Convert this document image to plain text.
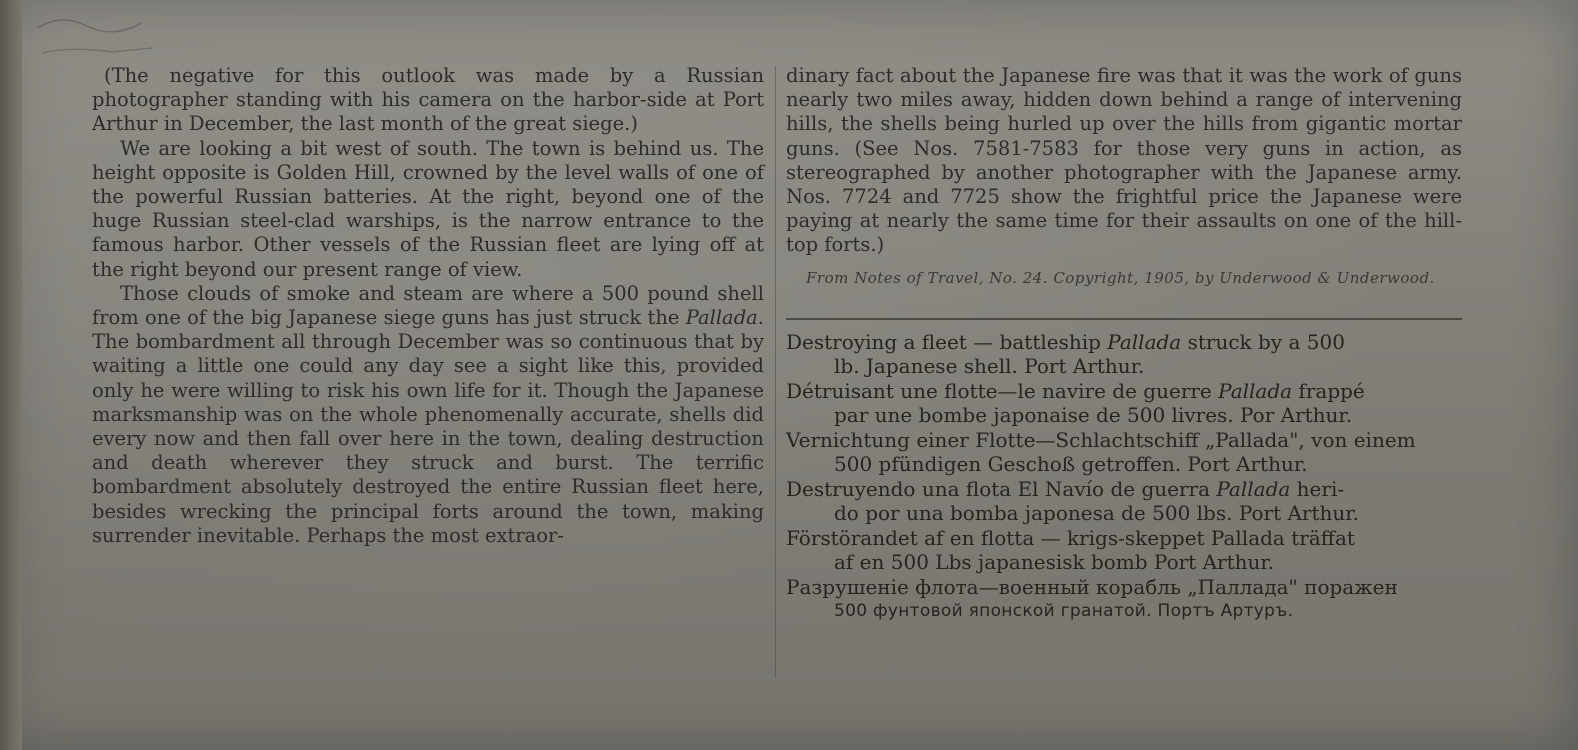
(The negative for this outlook was made by a Russian photographer standing with his camera on the harbor-side at Port Arthur in December, the last month of the great siege.)

We are looking a bit west of south. The town is behind us. The height opposite is Golden Hill, crowned by the level walls of one of the powerful Russian batteries. At the right, beyond one of the huge Russian steel-clad warships, is the narrow entrance to the famous harbor. Other vessels of the Russian fleet are lying off at the right beyond our present range of view.

Those clouds of smoke and steam are where a 500 pound shell from one of the big Japanese siege guns has just struck the Pallada. The bombardment all through December was so continuous that by waiting a little one could any day see a sight like this, provided only he were willing to risk his own life for it. Though the Japanese marksmanship was on the whole phenomenally accurate, shells did every now and then fall over here in the town, dealing destruction and death wherever they struck and burst. The terrific bombardment absolutely destroyed the entire Russian fleet here, besides wrecking the principal forts around the town, making surrender inevitable. Perhaps the most extraor-

dinary fact about the Japanese fire was that it was the work of guns nearly two miles away, hidden down behind a range of intervening hills, the shells being hurled up over the hills from gigantic mortar guns. (See Nos. 7581-7583 for those very guns in action, as stereographed by another photographer with the Japanese army. Nos. 7724 and 7725 show the frightful price the Japanese were paying at nearly the same time for their assaults on one of the hill-top forts.)

From Notes of Travel, No. 24. Copyright, 1905, by Underwood & Underwood.
Destroying a fleet — battleship Pallada struck by a 500
lb. Japanese shell. Port Arthur.
Détruisant une flotte—le navire de guerre Pallada frappé
par une bombe japonaise de 500 livres. Por Arthur.
Vernichtung einer Flotte—Schlachtschiff „Pallada", von einem
500 pfündigen Geschoß getroffen. Port Arthur.
Destruyendo una flota El Navío de guerra Pallada heri-
do por una bomba japonesa de 500 lbs. Port Arthur.
Förstörandet af en flotta — krigs-skeppet Pallada träffat
af en 500 Lbs japanesisk bomb Port Arthur.
Разрушеніе флота—военный корабль „Паллада" поражен
500 фунтовой японской гранатой. Портъ Артуръ.
